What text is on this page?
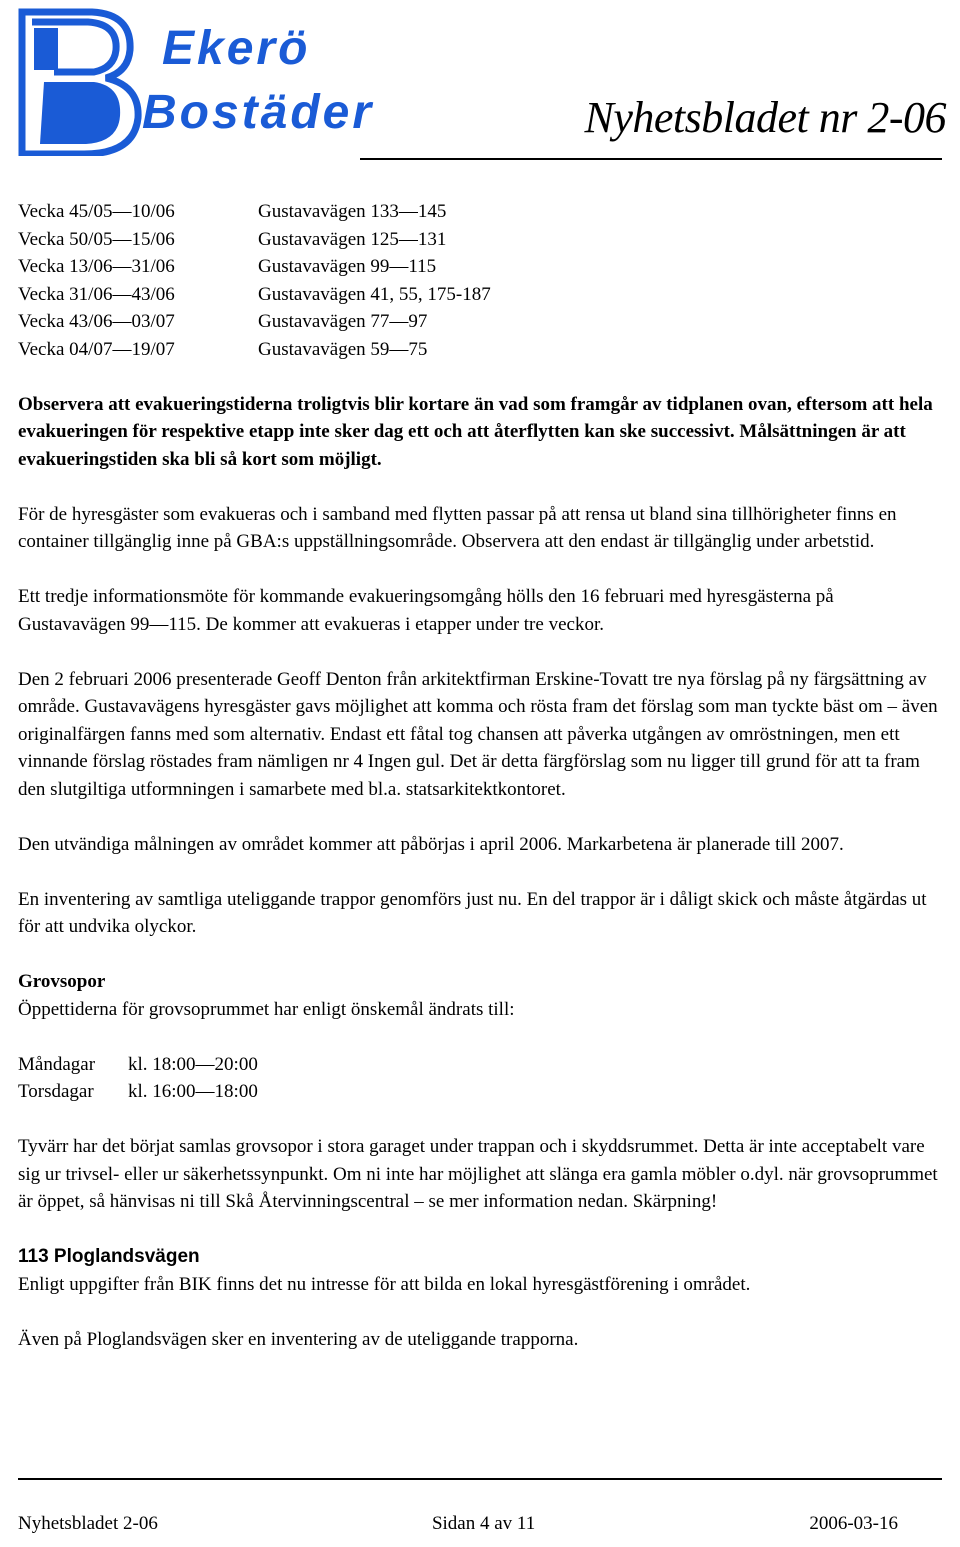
Ekerö
Bostäder	Nyhetsbladet nr 2-06
Vecka 45/05—10/06	Gustavavägen 133—145
Vecka 50/05—15/06	Gustavavägen 125—131
Vecka 13/06—31/06	Gustavavägen 99—115
Vecka 31/06—43/06	Gustavavägen 41, 55, 175-187
Vecka 43/06—03/07	Gustavavägen 77—97
Vecka 04/07—19/07	Gustavavägen 59—75

Observera att evakueringstiderna troligtvis blir kortare än vad som framgår av tidplanen ovan, eftersom att hela evakueringen för respektive etapp inte sker dag ett och att återflytten kan ske successivt. Målsättningen är att evakueringstiden ska bli så kort som möjligt.

För de hyresgäster som evakueras och i samband med flytten passar på att rensa ut bland sina tillhörigheter finns en container tillgänglig inne på GBA:s uppställningsområde. Observera att den endast är tillgänglig under arbetstid.

Ett tredje informationsmöte för kommande evakueringsomgång hölls den 16 februari med hyresgästerna på Gustavavägen 99—115. De kommer att evakueras i etapper under tre veckor.

Den 2 februari 2006 presenterade Geoff Denton från arkitektfirman Erskine-Tovatt tre nya förslag på ny färgsättning av område. Gustavavägens hyresgäster gavs möjlighet att komma och rösta fram det förslag som man tyckte bäst om – även originalfärgen fanns med som alternativ. Endast ett fåtal tog chansen att påverka utgången av omröstningen, men ett vinnande förslag röstades fram nämligen nr 4 Ingen gul. Det är detta färgförslag som nu ligger till grund för att ta fram den slutgiltiga utformningen i samarbete med bl.a. statsarkitektkontoret.

Den utvändiga målningen av området kommer att påbörjas i april 2006. Markarbetena är planerade till 2007.

En inventering av samtliga uteliggande trappor genomförs just nu. En del trappor är i dåligt skick och måste åtgärdas ut för att undvika olyckor.

Grovsopor
Öppettiderna för grovsoprummet har enligt önskemål ändrats till:
Måndagar	kl. 18:00—20:00
Torsdagar	kl. 16:00—18:00

Tyvärr har det börjat samlas grovsopor i stora garaget under trappan och i skyddsrummet. Detta är inte acceptabelt vare sig ur trivsel- eller ur säkerhetssynpunkt. Om ni inte har möjlighet att slänga era gamla möbler o.dyl. när grovsoprummet är öppet, så hänvisas ni till Skå Återvinningscentral – se mer information nedan. Skärpning!

113 Ploglandsvägen
Enligt uppgifter från BIK finns det nu intresse för att bilda en lokal hyresgästförening i området.

Även på Ploglandsvägen sker en inventering av de uteliggande trapporna.

Nyhetsbladet 2-06	Sidan 4 av 11	2006-03-16
